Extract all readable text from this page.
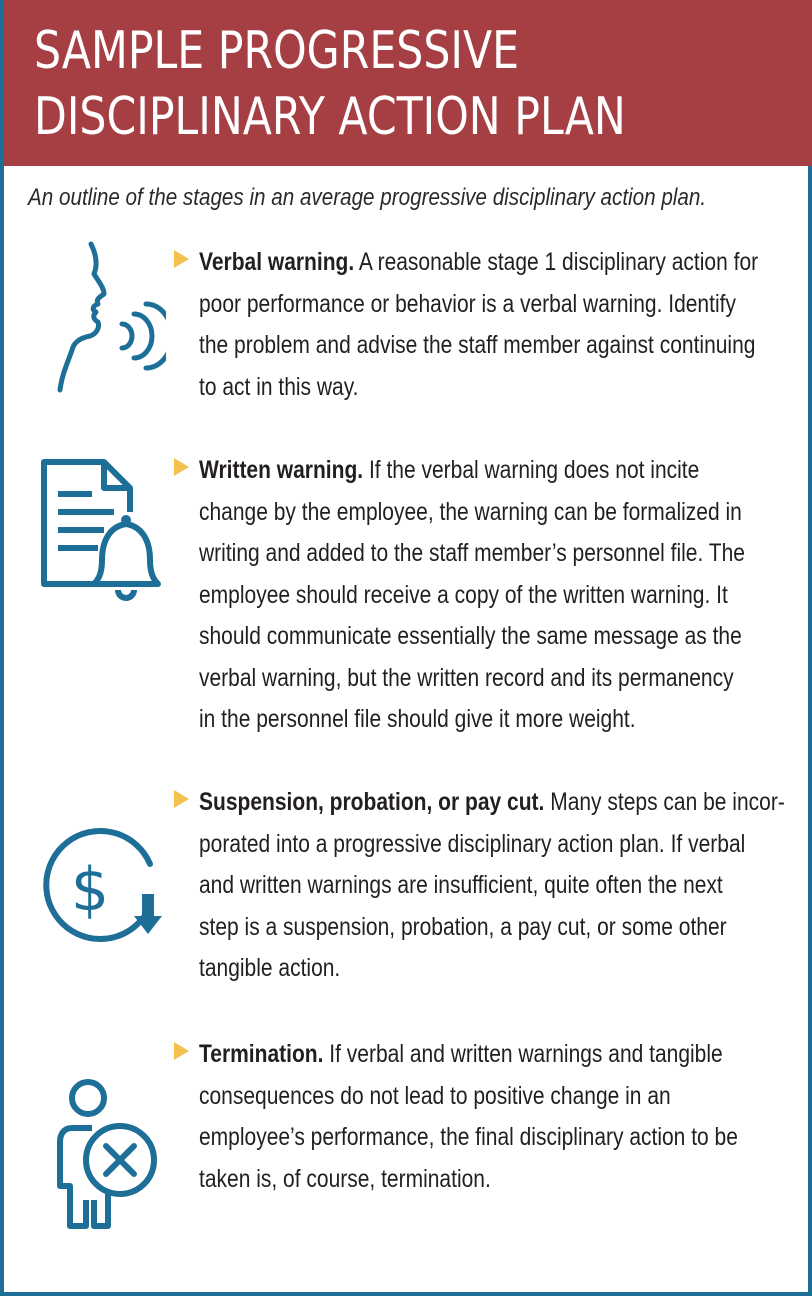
SAMPLE PROGRESSIVE
DISCIPLINARY ACTION PLAN
An outline of the stages in an average progressive disciplinary action plan.
Verbal warning. A reasonable stage 1 disciplinary action for
poor performance or behavior is a verbal warning. Identify
the problem and advise the staff member against continuing
to act in this way.
Written warning. If the verbal warning does not incite
change by the employee, the warning can be formalized in
writing and added to the staff member’s personnel file. The
employee should receive a copy of the written warning. It
should communicate essentially the same message as the
verbal warning, but the written record and its permanency
in the personnel file should give it more weight.
$
Suspension, probation, or pay cut. Many steps can be incor-
porated into a progressive disciplinary action plan. If verbal
and written warnings are insufficient, quite often the next
step is a suspension, probation, a pay cut, or some other
tangible action.
Termination. If verbal and written warnings and tangible
consequences do not lead to positive change in an
employee’s performance, the final disciplinary action to be
taken is, of course, termination.
